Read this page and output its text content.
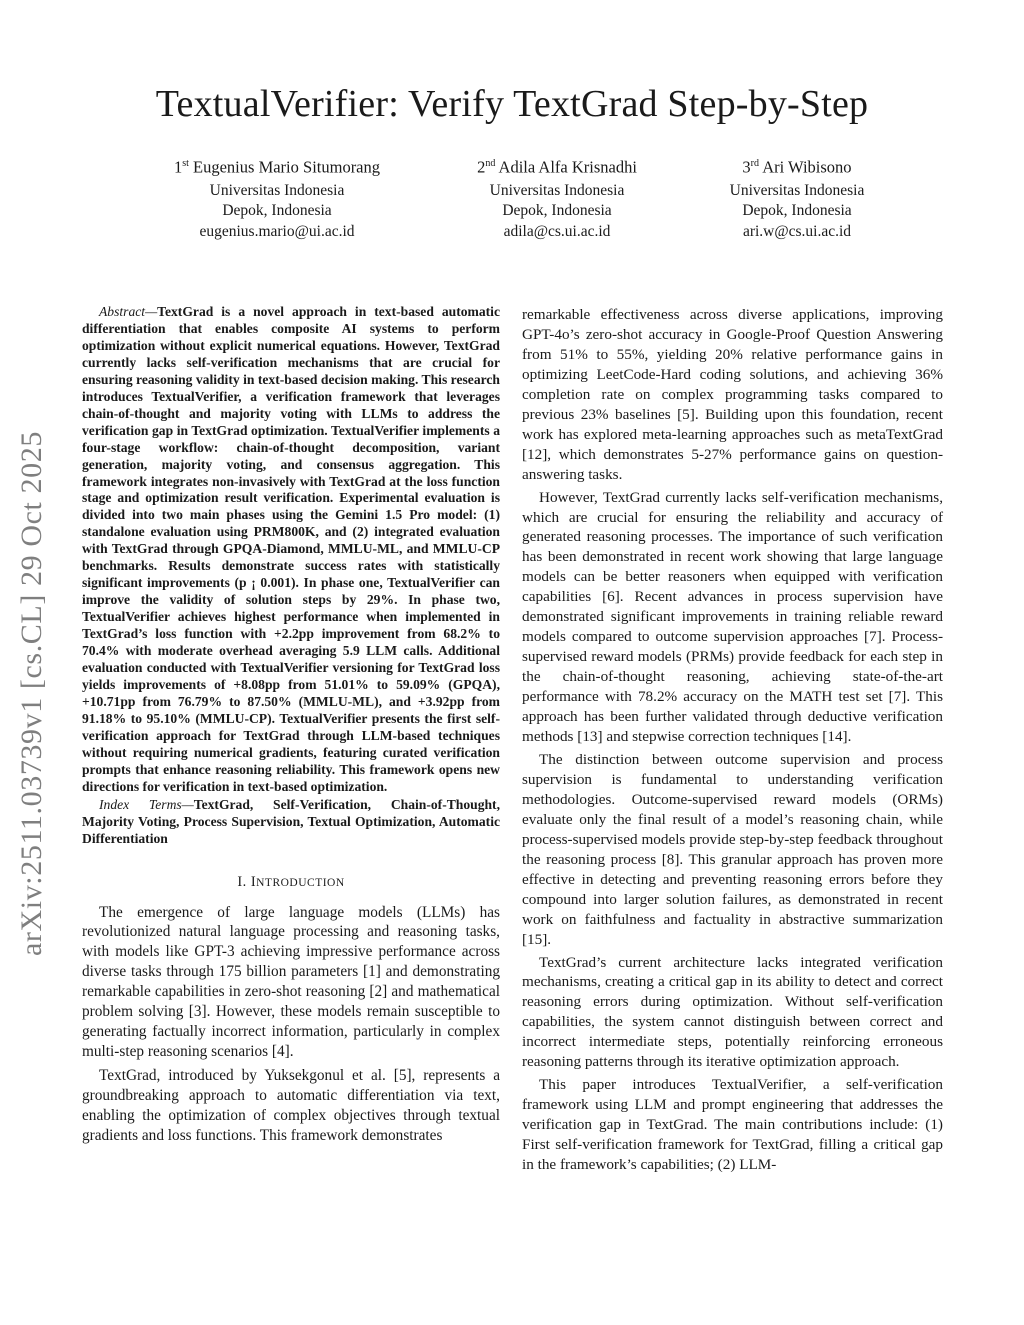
arXiv:2511.03739v1 [cs.CL] 29 Oct 2025
TextualVerifier: Verify TextGrad Step-by-Step
1st Eugenius Mario Situmorang
Universitas Indonesia
Depok, Indonesia
eugenius.mario@ui.ac.id
2nd Adila Alfa Krisnadhi
Universitas Indonesia
Depok, Indonesia
adila@cs.ui.ac.id
3rd Ari Wibisono
Universitas Indonesia
Depok, Indonesia
ari.w@cs.ui.ac.id

Abstract—TextGrad is a novel approach in text-based automatic differentiation that enables composite AI systems to perform optimization without explicit numerical equations. However, TextGrad currently lacks self-verification mechanisms that are crucial for ensuring reasoning validity in text-based decision making. This research introduces TextualVerifier, a verification framework that leverages chain-of-thought and majority voting with LLMs to address the verification gap in TextGrad optimization. TextualVerifier implements a four-stage workflow: chain-of-thought decomposition, variant generation, majority voting, and consensus aggregation. This framework integrates non-invasively with TextGrad at the loss function stage and optimization result verification. Experimental evaluation is divided into two main phases using the Gemini 1.5 Pro model: (1) standalone evaluation using PRM800K, and (2) integrated evaluation with TextGrad through GPQA-Diamond, MMLU-ML, and MMLU-CP benchmarks. Results demonstrate success rates with statistically significant improvements (p ¡ 0.001). In phase one, TextualVerifier can improve the validity of solution steps by 29%. In phase two, TextualVerifier achieves highest performance when implemented in TextGrad’s loss function with +2.2pp improvement from 68.2% to 70.4% with moderate overhead averaging 5.9 LLM calls. Additional evaluation conducted with TextualVerifier versioning for TextGrad loss yields improvements of +8.08pp from 51.01% to 59.09% (GPQA), +10.71pp from 76.79% to 87.50% (MMLU-ML), and +3.92pp from 91.18% to 95.10% (MMLU-CP). TextualVerifier presents the first self-verification approach for TextGrad through LLM-based techniques without requiring numerical gradients, featuring curated verification prompts that enhance reasoning reliability. This framework opens new directions for verification in text-based optimization.

Index Terms—TextGrad, Self-Verification, Chain-of-Thought, Majority Voting, Process Supervision, Textual Optimization, Automatic Differentiation

I. INTRODUCTION

The emergence of large language models (LLMs) has revolutionized natural language processing and reasoning tasks, with models like GPT-3 achieving impressive performance across diverse tasks through 175 billion parameters [1] and demonstrating remarkable capabilities in zero-shot reasoning [2] and mathematical problem solving [3]. However, these models remain susceptible to generating factually incorrect information, particularly in complex multi-step reasoning scenarios [4].

TextGrad, introduced by Yuksekgonul et al. [5], represents a groundbreaking approach to automatic differentiation via text, enabling the optimization of complex objectives through textual gradients and loss functions. This framework demonstrates

remarkable effectiveness across diverse applications, improving GPT-4o’s zero-shot accuracy in Google-Proof Question Answering from 51% to 55%, yielding 20% relative performance gains in optimizing LeetCode-Hard coding solutions, and achieving 36% completion rate on complex programming tasks compared to previous 23% baselines [5]. Building upon this foundation, recent work has explored meta-learning approaches such as metaTextGrad [12], which demonstrates 5-27% performance gains on question-answering tasks.

However, TextGrad currently lacks self-verification mechanisms, which are crucial for ensuring the reliability and accuracy of generated reasoning processes. The importance of such verification has been demonstrated in recent work showing that large language models can be better reasoners when equipped with verification capabilities [6]. Recent advances in process supervision have demonstrated significant improvements in training reliable reward models compared to outcome supervision approaches [7]. Process-supervised reward models (PRMs) provide feedback for each step in the chain-of-thought reasoning, achieving state-of-the-art performance with 78.2% accuracy on the MATH test set [7]. This approach has been further validated through deductive verification methods [13] and stepwise correction techniques [14].

The distinction between outcome supervision and process supervision is fundamental to understanding verification methodologies. Outcome-supervised reward models (ORMs) evaluate only the final result of a model’s reasoning chain, while process-supervised models provide step-by-step feedback throughout the reasoning process [8]. This granular approach has proven more effective in detecting and preventing reasoning errors before they compound into larger solution failures, as demonstrated in recent work on faithfulness and factuality in abstractive summarization [15].

TextGrad’s current architecture lacks integrated verification mechanisms, creating a critical gap in its ability to detect and correct reasoning errors during optimization. Without self-verification capabilities, the system cannot distinguish between correct and incorrect intermediate steps, potentially reinforcing erroneous reasoning patterns through its iterative optimization approach.

This paper introduces TextualVerifier, a self-verification framework using LLM and prompt engineering that addresses the verification gap in TextGrad. The main contributions include: (1) First self-verification framework for TextGrad, filling a critical gap in the framework’s capabilities; (2) LLM-
